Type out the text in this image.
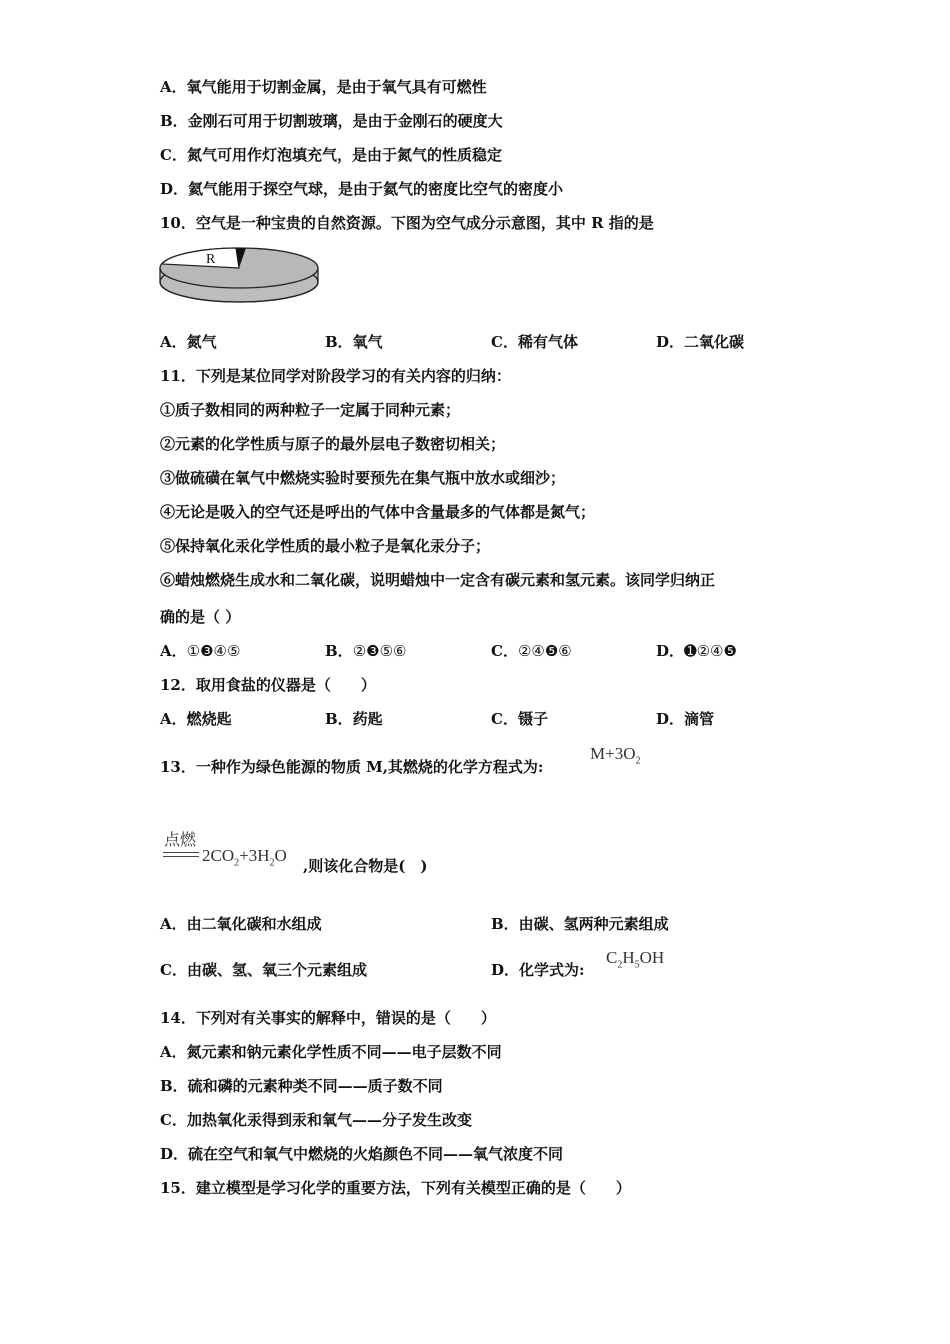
A．氧气能用于切割金属，是由于氧气具有可燃性
B．金刚石可用于切割玻璃，是由于金刚石的硬度大
C．氮气可用作灯泡填充气，是由于氮气的性质稳定
D．氦气能用于探空气球，是由于氦气的密度比空气的密度小
10．空气是一种宝贵的自然资源。下图为空气成分示意图，其中 R 指的是
R
A．氮气	B．氧气	C．稀有气体	D．二氧化碳
11．下列是某位同学对阶段学习的有关内容的归纳：
①质子数相同的两种粒子一定属于同种元素；
②元素的化学性质与原子的最外层电子数密切相关；
③做硫磺在氧气中燃烧实验时要预先在集气瓶中放水或细沙；
④无论是吸入的空气还是呼出的气体中含量最多的气体都是氮气；
⑤保持氧化汞化学性质的最小粒子是氧化汞分子；
⑥蜡烛燃烧生成水和二氧化碳，说明蜡烛中一定含有碳元素和氢元素。该同学归纳正
确的是（ ）
A．①❸④⑤	B．②❸⑤⑥	C．②④❺⑥	D．➊②④❺
12．取用食盐的仪器是（　　）
A．燃烧匙	B．药匙	C．镊子	D．滴管
13．一种作为绿色能源的物质 M,其燃烧的化学方程式为:
$M+3O_2$
点燃
$2CO_2+3H_2O$
,则该化合物是(　)
A．由二氧化碳和水组成	B．由碳、氢两种元素组成
C．由碳、氢、氧三个元素组成	D．化学式为:
$C_2H_5OH$
14．下列对有关事实的解释中，错误的是（　　）
A．氮元素和钠元素化学性质不同——电子层数不同
B．硫和磷的元素种类不同——质子数不同
C．加热氧化汞得到汞和氧气——分子发生改变
D．硫在空气和氧气中燃烧的火焰颜色不同——氧气浓度不同
15．建立模型是学习化学的重要方法，下列有关模型正确的是（　　）
